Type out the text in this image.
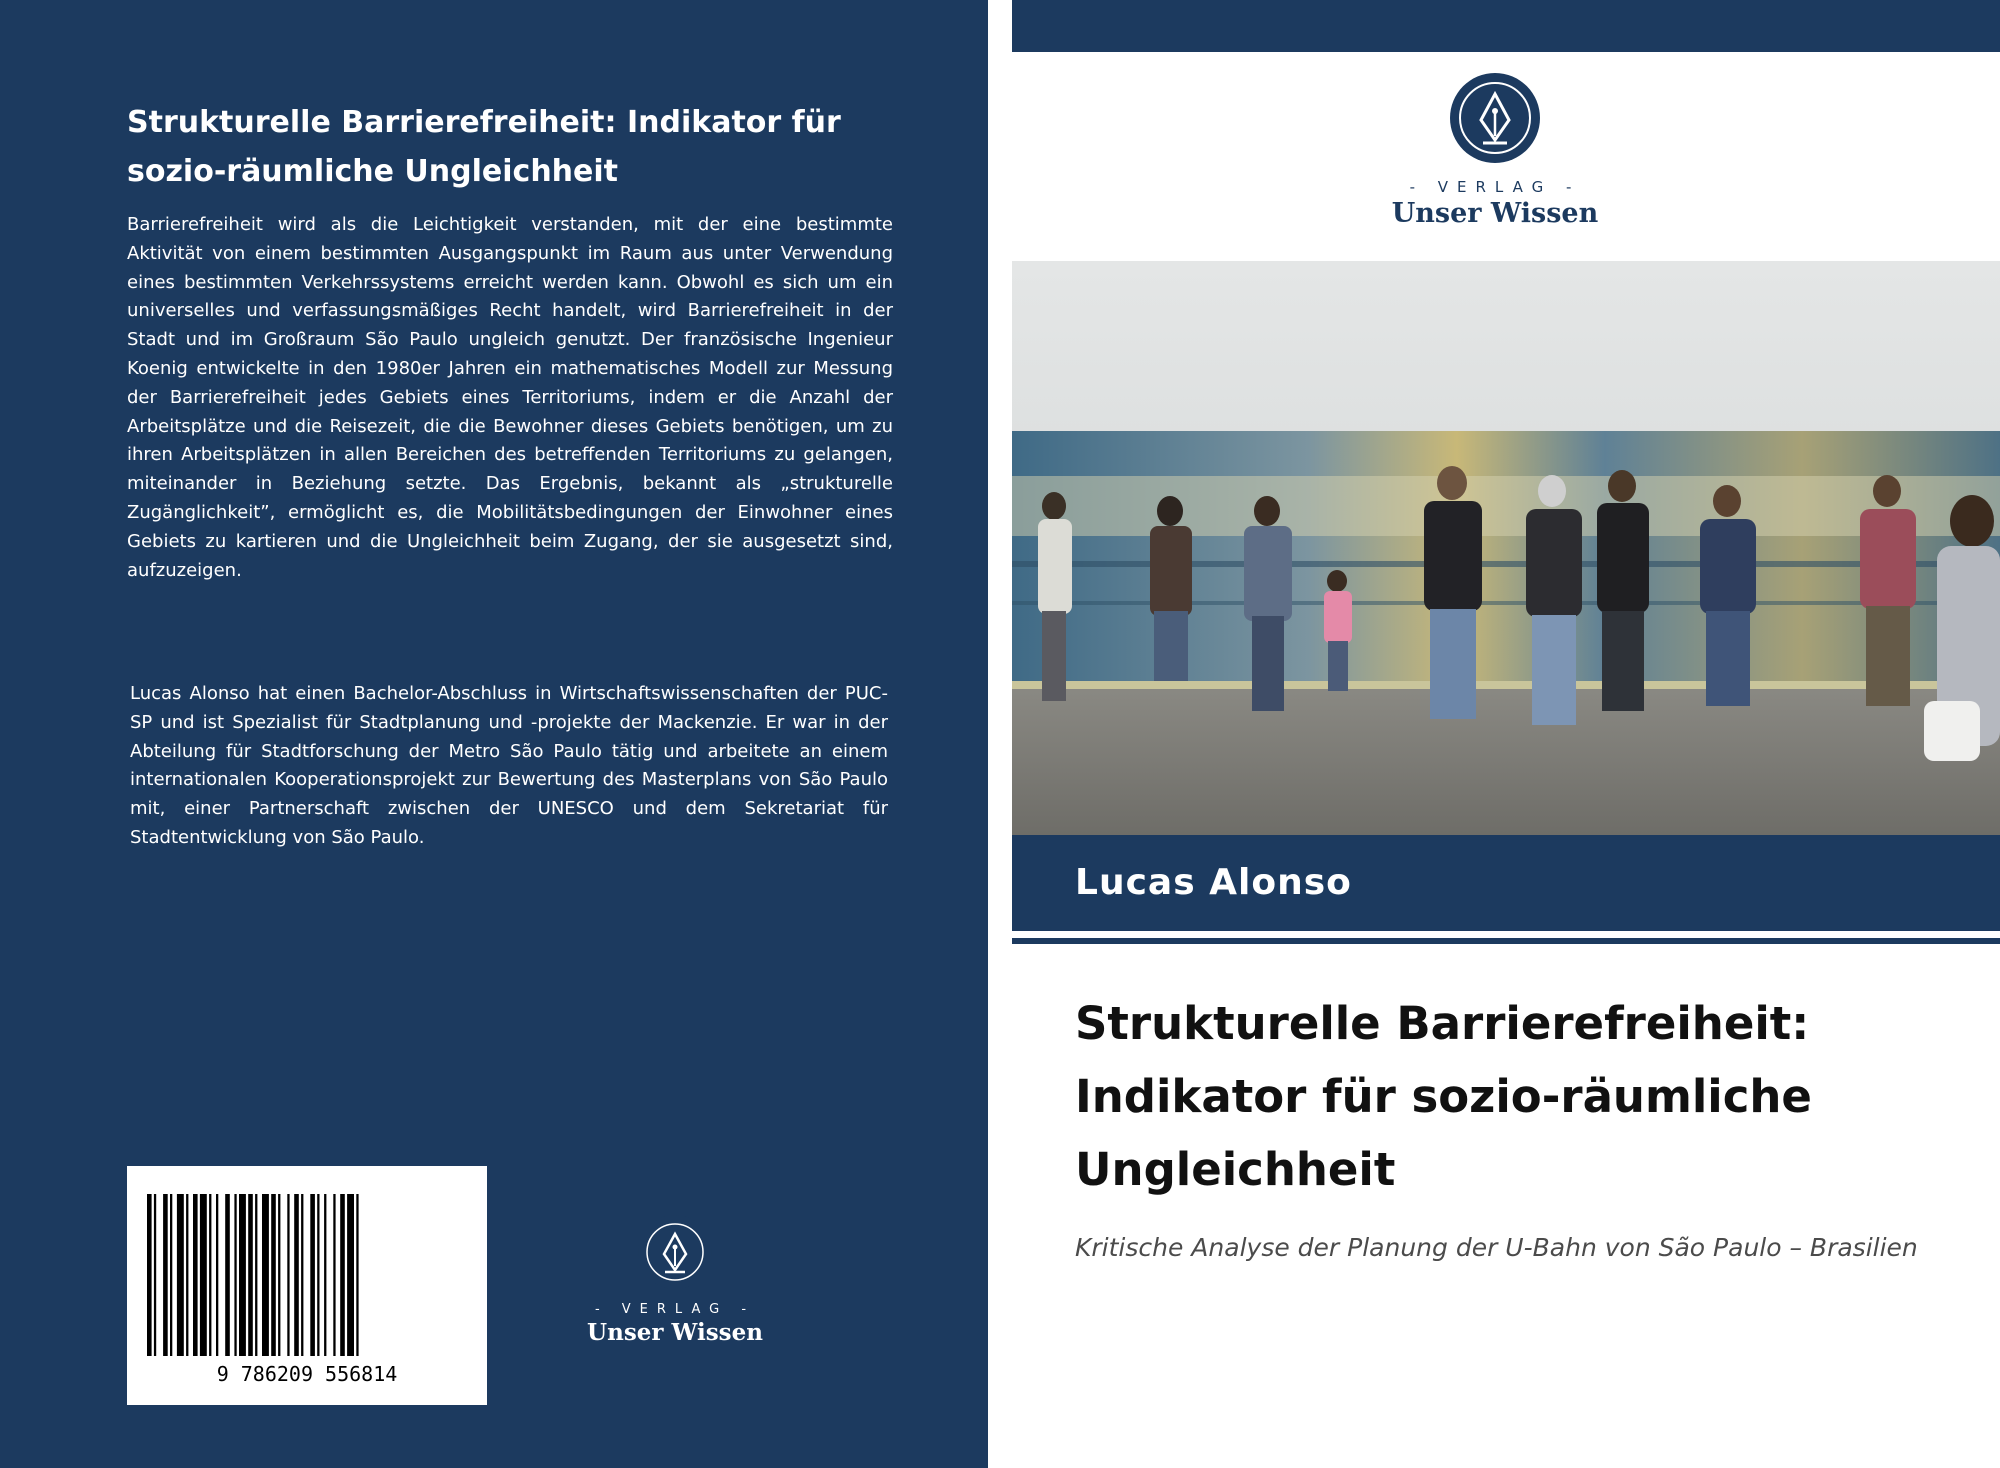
Strukturelle Barrierefreiheit: Indikator für sozio-räumliche Ungleichheit

Barrierefreiheit wird als die Leichtigkeit verstanden, mit der eine bestimmte Aktivität von einem bestimmten Ausgangspunkt im Raum aus unter Verwendung eines bestimmten Verkehrssystems erreicht werden kann. Obwohl es sich um ein universelles und verfassungsmäßiges Recht handelt, wird Barrierefreiheit in der Stadt und im Großraum São Paulo ungleich genutzt. Der französische Ingenieur Koenig entwickelte in den 1980er Jahren ein mathematisches Modell zur Messung der Barrierefreiheit jedes Gebiets eines Territoriums, indem er die Anzahl der Arbeitsplätze und die Reisezeit, die die Bewohner dieses Gebiets benötigen, um zu ihren Arbeitsplätzen in allen Bereichen des betreffenden Territoriums zu gelangen, miteinander in Beziehung setzte. Das Ergebnis, bekannt als „strukturelle Zugänglichkeit”, ermöglicht es, die Mobilitätsbedingungen der Einwohner eines Gebiets zu kartieren und die Ungleichheit beim Zugang, der sie ausgesetzt sind, aufzuzeigen.

Lucas Alonso hat einen Bachelor-Abschluss in Wirtschaftswissenschaften der PUC-SP und ist Spezialist für Stadtplanung und -projekte der Mackenzie. Er war in der Abteilung für Stadtforschung der Metro São Paulo tätig und arbeitete an einem internationalen Kooperationsprojekt zur Bewertung des Masterplans von São Paulo mit, einer Partnerschaft zwischen der UNESCO und dem Sekretariat für Stadtentwicklung von São Paulo.

9 786209 556814
- VERLAG -
Unser Wissen
- VERLAG -
Unser Wissen

Lucas Alonso

Strukturelle Barrierefreiheit: Indikator für sozio-räumliche Ungleichheit

Kritische Analyse der Planung der U-Bahn von São Paulo – Brasilien
